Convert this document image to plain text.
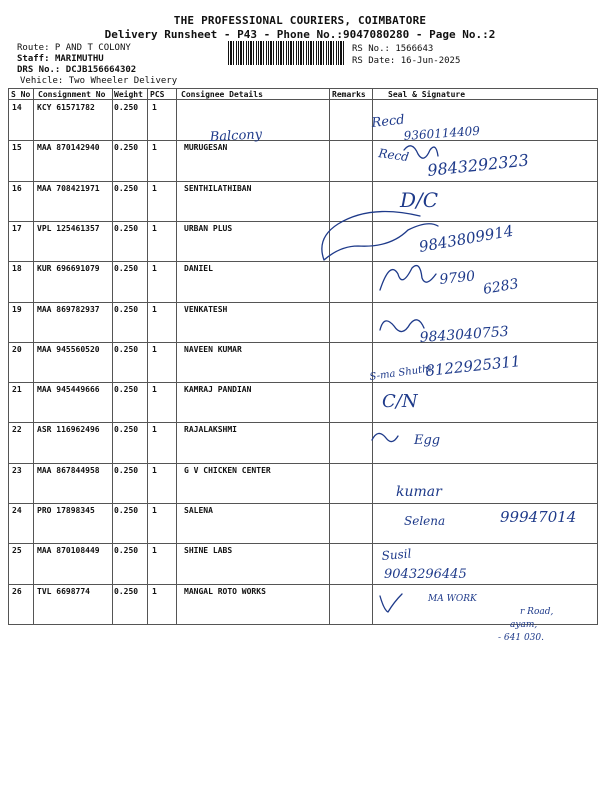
THE PROFESSIONAL COURIERS, COIMBATORE
Delivery Runsheet - P43 - Phone No.:9047080280 - Page No.:2
Route: P AND T COLONY
Staff: MARIMUTHU
DRS No.: DCJB156664302
Vehicle: Two Wheeler Delivery
RS No.: 1566643
RS Date: 16-Jun-2025
S No Consignment No Weight PCS Consignee Details	Remarks	Seal & Signature
14 KCY 61571782 0.250 1
15 MAA 870142940 0.250 1	MURUGESAN
16 MAA 708421971 0.250 1	SENTHILATHIBAN
17 VPL 125461357 0.250 1	URBAN PLUS
18 KUR 696691079 0.250 1	DANIEL
19 MAA 869782937 0.250 1	VENKATESH
20 MAA 945560520 0.250 1	NAVEEN KUMAR
21 MAA 945449666 0.250 1	KAMRAJ PANDIAN
22 ASR 116962496 0.250 1	RAJALAKSHMI
23 MAA 867844958 0.250 1	G V CHICKEN CENTER
24 PRO 17898345 0.250 1	SALENA
25 MAA 870108449 0.250 1	SHINE LABS
26 TVL 6698774	0.250 1	MANGAL ROTO WORKS
Recd
9360114409
Balcony
Recd 9843292323
D/C
9843809914
9790 6283
9843040753
S-ma Shuthi
8122925311
C/N
Egg
kumar
Selena	99947014
Susil
9043296445
MA WORK
r Road,
ayam,
- 641 030.
